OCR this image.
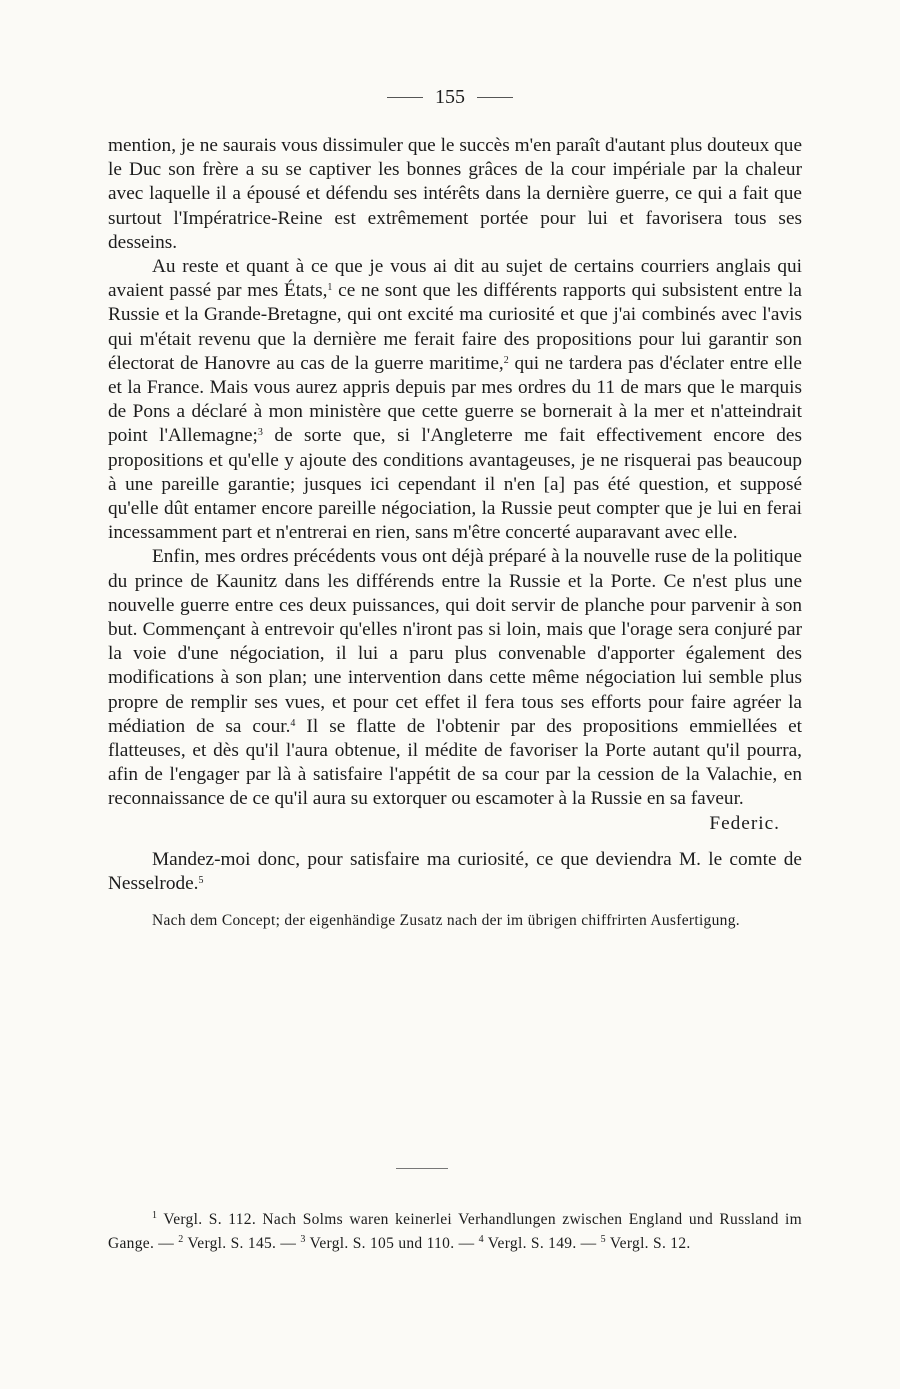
155

mention, je ne saurais vous dissimuler que le succès m'en paraît d'autant plus douteux que le Duc son frère a su se captiver les bonnes grâces de la cour impériale par la chaleur avec laquelle il a épousé et défendu ses intérêts dans la dernière guerre, ce qui a fait que surtout l'Impératrice-Reine est extrêmement portée pour lui et favorisera tous ses desseins.

Au reste et quant à ce que je vous ai dit au sujet de certains courriers anglais qui avaient passé par mes États,$^1$ ce ne sont que les différents rapports qui subsistent entre la Russie et la Grande-Bretagne, qui ont excité ma curiosité et que j'ai combinés avec l'avis qui m'était revenu que la dernière me ferait faire des propositions pour lui garantir son électorat de Hanovre au cas de la guerre maritime,$^2$ qui ne tardera pas d'éclater entre elle et la France. Mais vous aurez appris depuis par mes ordres du 11 de mars que le marquis de Pons a déclaré à mon ministère que cette guerre se bornerait à la mer et n'atteindrait point l'Allemagne;$^3$ de sorte que, si l'Angleterre me fait effectivement encore des propositions et qu'elle y ajoute des conditions avantageuses, je ne risquerai pas beaucoup à une pareille garantie; jusques ici cependant il n'en [a] pas été question, et supposé qu'elle dût entamer encore pareille négociation, la Russie peut compter que je lui en ferai incessamment part et n'entrerai en rien, sans m'être concerté auparavant avec elle.

Enfin, mes ordres précédents vous ont déjà préparé à la nouvelle ruse de la politique du prince de Kaunitz dans les différends entre la Russie et la Porte. Ce n'est plus une nouvelle guerre entre ces deux puissances, qui doit servir de planche pour parvenir à son but. Commençant à entrevoir qu'elles n'iront pas si loin, mais que l'orage sera conjuré par la voie d'une négociation, il lui a paru plus convenable d'apporter également des modifications à son plan; une intervention dans cette même négociation lui semble plus propre de remplir ses vues, et pour cet effet il fera tous ses efforts pour faire agréer la médiation de sa cour.$^4$ Il se flatte de l'obtenir par des propositions emmiellées et flatteuses, et dès qu'il l'aura obtenue, il médite de favoriser la Porte autant qu'il pourra, afin de l'engager par là à satisfaire l'appétit de sa cour par la cession de la Valachie, en reconnaissance de ce qu'il aura su extorquer ou escamoter à la Russie en sa faveur.

Federic.

Mandez-moi donc, pour satisfaire ma curiosité, ce que deviendra M. le comte de Nesselrode.$^5$

Nach dem Concept; der eigenhändige Zusatz nach der im übrigen chiffrirten Ausfertigung.

$^1$ Vergl. S. 112. Nach Solms waren keinerlei Verhandlungen zwischen England und Russland im Gange. — $^2$ Vergl. S. 145. — $^3$ Vergl. S. 105 und 110. — $^4$ Vergl. S. 149. — $^5$ Vergl. S. 12.
